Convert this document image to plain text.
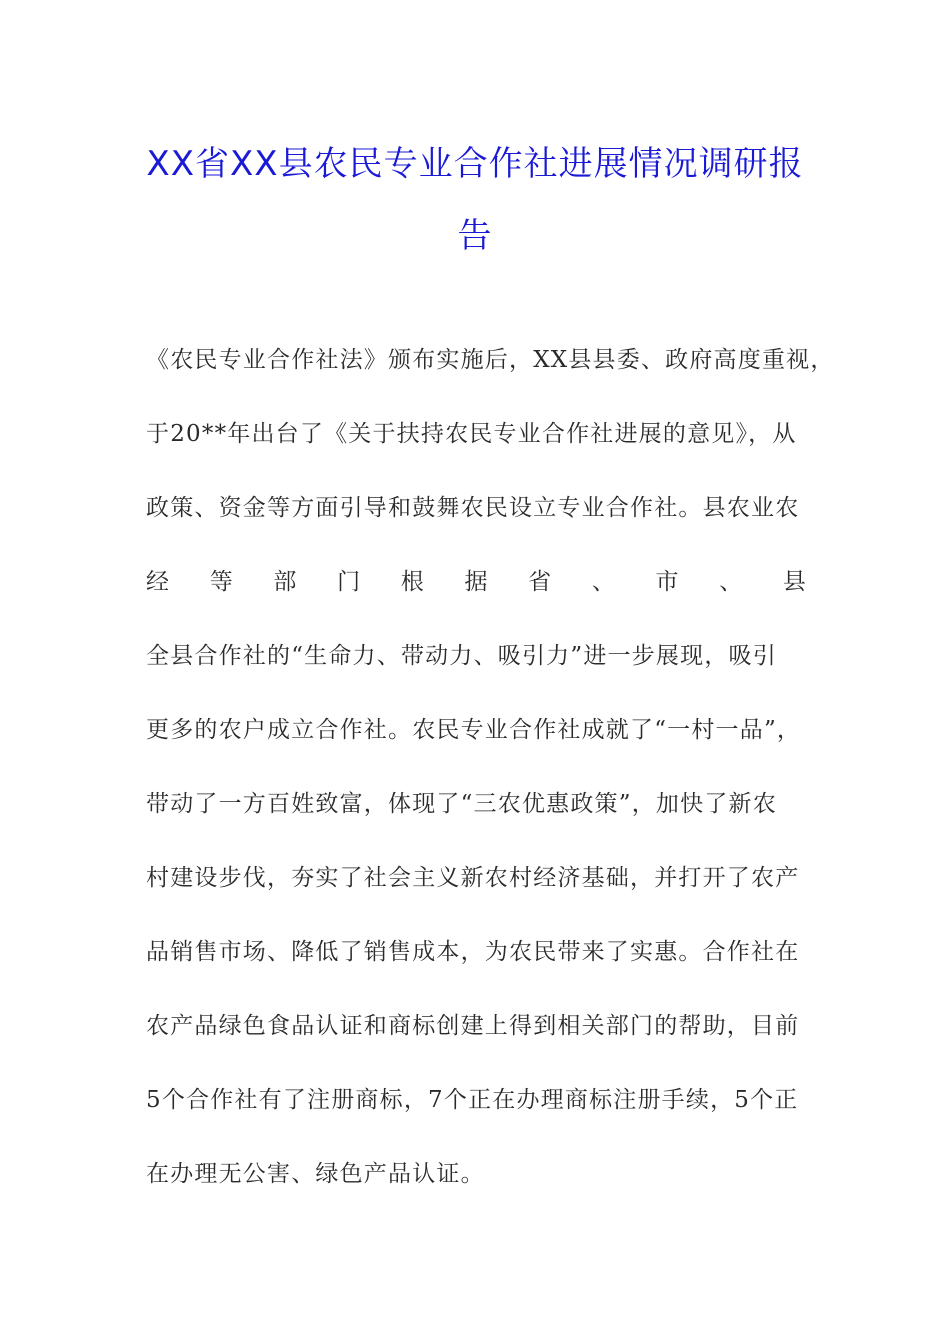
XX省XX县农民专业合作社进展情况调研报
告
《农民专业合作社法》颁布实施后，XX县县委、政府高度重视，
于20**年出台了《关于扶持农民专业合作社进展的意见》，从
政策、资金等方面引导和鼓舞农民设立专业合作社。县农业农
经 等 部 门 根 据 省 、 市 、 县
全县合作社的“生命力、带动力、吸引力”进一步展现，吸引
更多的农户成立合作社。农民专业合作社成就了“一村一品”，
带动了一方百姓致富，体现了“三农优惠政策”，加快了新农
村建设步伐，夯实了社会主义新农村经济基础，并打开了农产
品销售市场、降低了销售成本，为农民带来了实惠。合作社在
农产品绿色食品认证和商标创建上得到相关部门的帮助，目前
5个合作社有了注册商标，7个正在办理商标注册手续，5个正
在办理无公害、绿色产品认证。
